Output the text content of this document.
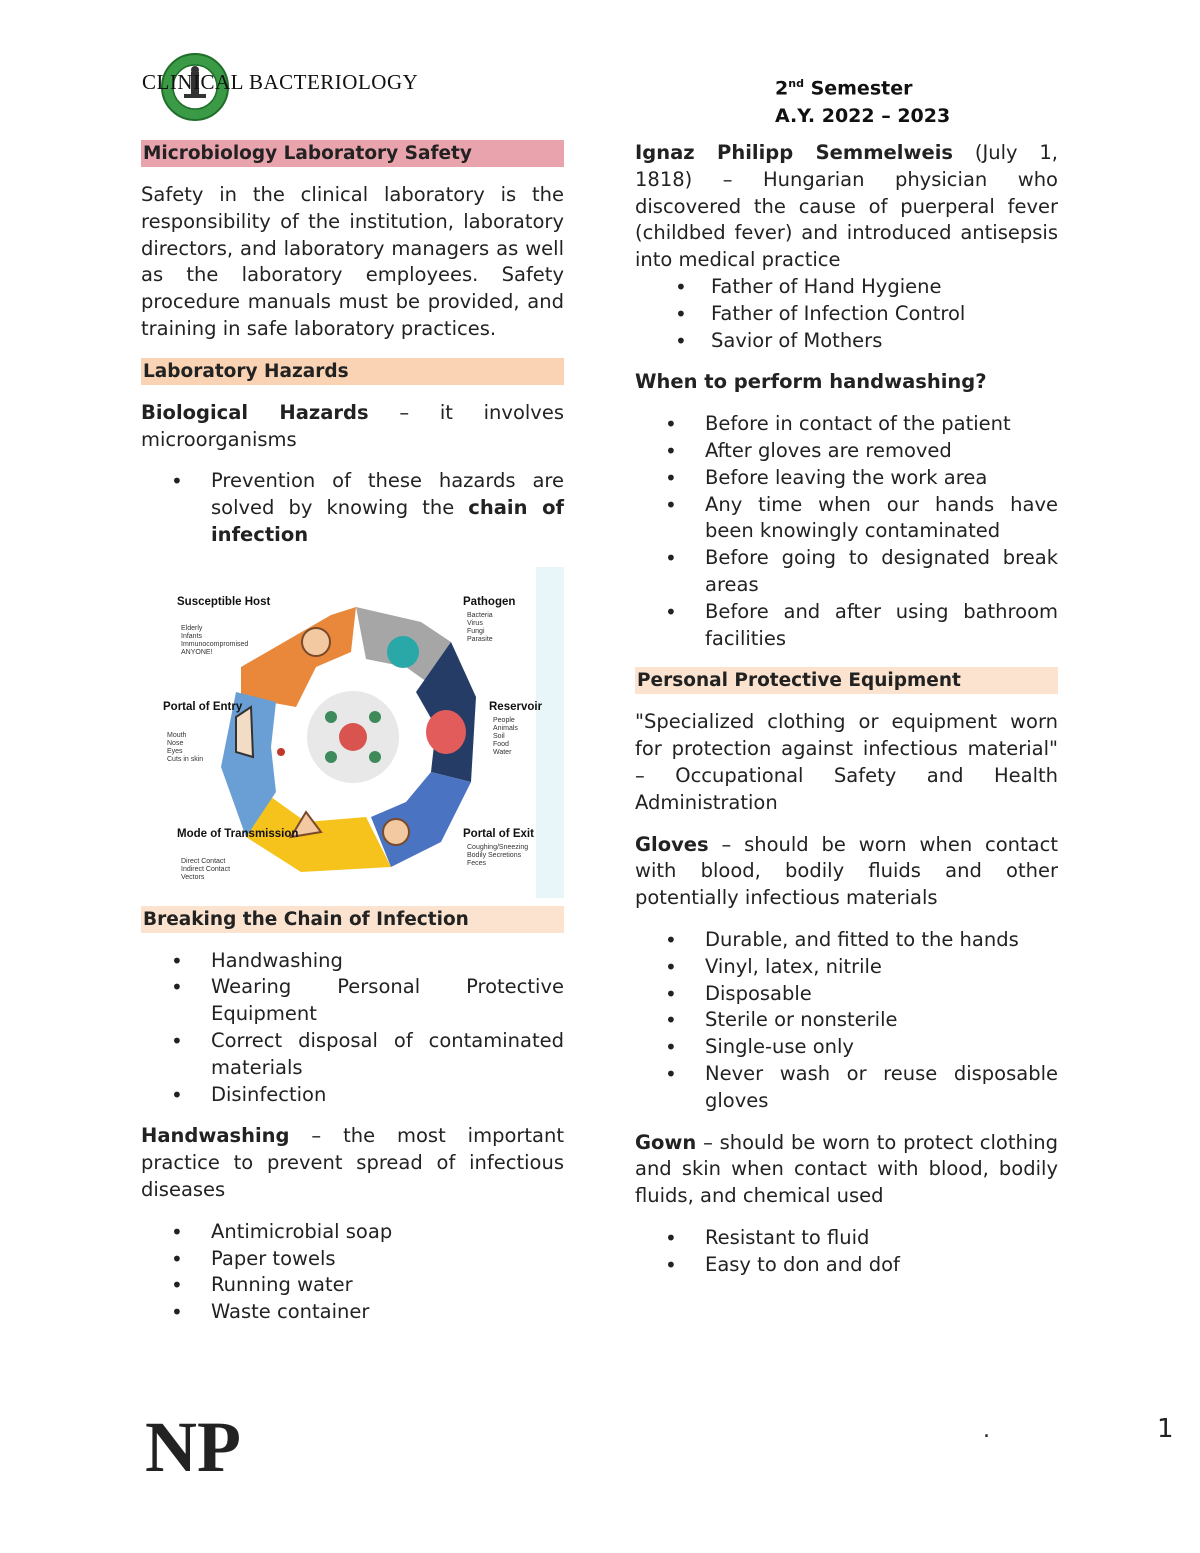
CLINICAL BACTERIOLOGY	2nd Semester
A.Y. 2022 – 2023
Microbiology Laboratory Safety

Safety in the clinical laboratory is the responsibility of the institution, laboratory directors, and laboratory managers as well as the laboratory employees. Safety procedure manuals must be provided, and training in safe laboratory practices.

Laboratory Hazards

Biological Hazards – it involves microorganisms

• Prevention of these hazards are solved by knowing the chain of infection
Susceptible Host	Pathogen
Reservoir
Portal of Entry
Mode of Transmission	Portal of Exit
Elderly
Infants
Immunocompromised
ANYONE!
Bacteria
Virus
Fungi
Parasite
People
Animals
Soil
Food
Water
Mouth
Nose
Eyes
Cuts in skin
Direct Contact
Indirect Contact
Vectors
Coughing/Sneezing
Bodily Secretions
Feces
Breaking the Chain of Infection
• Handwashing
• Wearing Personal Protective Equipment
• Correct disposal of contaminated materials
• Disinfection

Handwashing – the most important practice to prevent spread of infectious diseases

• Antimicrobial soap
• Paper towels
• Running water
• Waste container

Ignaz Philipp Semmelweis (July 1, 1818) – Hungarian physician who discovered the cause of puerperal fever (childbed fever) and introduced antisepsis into medical practice

• Father of Hand Hygiene
• Father of Infection Control
• Savior of Mothers

When to perform handwashing?

• Before in contact of the patient
• After gloves are removed
• Before leaving the work area
• Any time when our hands have been knowingly contaminated
• Before going to designated break areas
• Before and after using bathroom facilities
Personal Protective Equipment

"Specialized clothing or equipment worn for protection against infectious material" – Occupational Safety and Health Administration

Gloves – should be worn when contact with blood, bodily fluids and other potentially infectious materials

• Durable, and fitted to the hands
• Vinyl, latex, nitrile
• Disposable
• Sterile or nonsterile
• Single-use only
• Never wash or reuse disposable gloves

Gown – should be worn to protect clothing and skin when contact with blood, bodily fluids, and chemical used

• Resistant to fluid
• Easy to don and dof
NP	.	1
